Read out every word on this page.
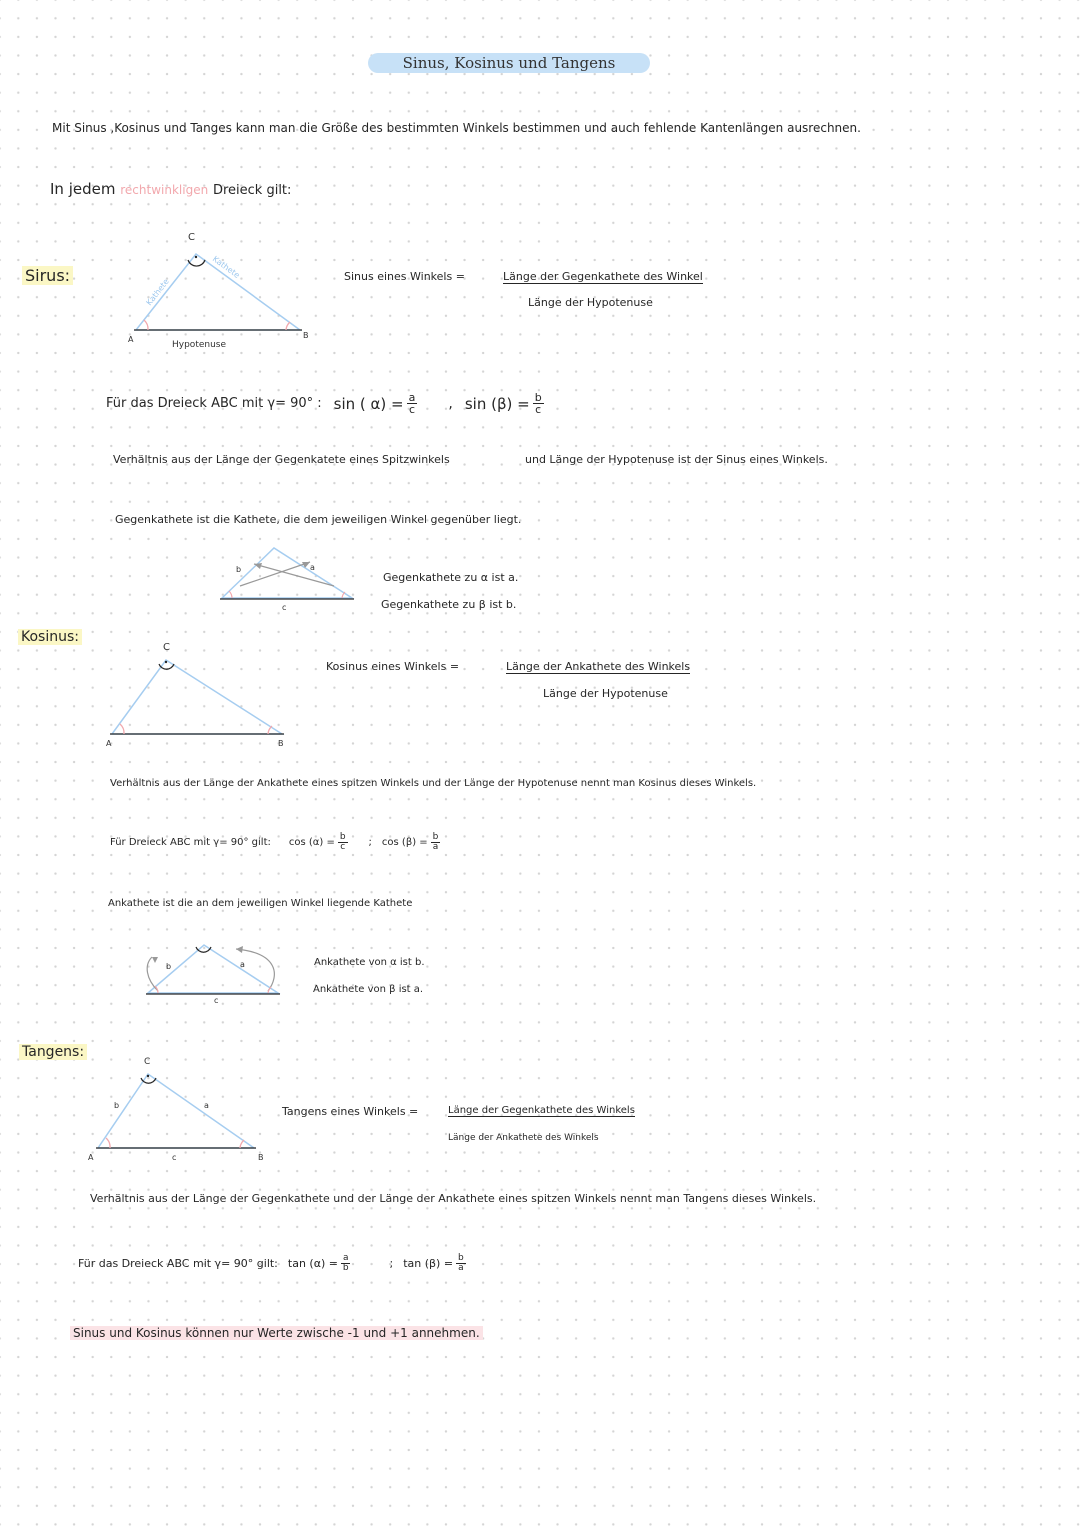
Sinus, Kosinus und Tangens
Mit Sinus ,Kosinus und Tanges kann man die Größe des bestimmten Winkels bestimmen und auch fehlende Kantenlängen ausrechnen.
In jedem rechtwinkligen Dreieck gilt:
Sirus:
C
A	B
Hypotenuse
Kathete
Kathete	Sinus eines Winkels =	Länge der Gegenkathete des Winkel
Länge der Hypotenuse
Für das Dreieck ABC mit γ= 90° : sin ( $\alpha) = \frac{a}{c}$ , $\sin (\beta) = \frac{b}{c}$
Verhältnis aus der Länge der Gegenkatete eines Spitzwinkels	und Länge der Hypotenuse ist der Sinus eines Winkels.
Gegenkathete ist die Kathete, die dem jeweiligen Winkel gegenüber liegt.
b	a
c
Gegenkathete zu α ist a.
Gegenkathete zu β ist b.
Kosinus:
C
A	B
Kosinus eines Winkels =	Länge der Ankathete des Winkels
Länge der Hypotenuse
Verhältnis aus der Länge der Ankathete eines spitzen Winkels und der Länge der Hypotenuse nennt man Kosinus dieses Winkels.
Für Dreieck ABC mit γ= 90° gilt: $\cos (\alpha) = \frac{b}{c}$ ; $\cos (\beta) = \frac{b}{a}$
Ankathete ist die an dem jeweiligen Winkel liegende Kathete
b	a
c
Ankathete von α ist b.
Ankathete von β ist a.
Tangens:
C
A	B
b	a
c
Tangens eines Winkels =	Länge der Gegenkathete des Winkels
Länge der Ankathete des Winkels
Verhältnis aus der Länge der Gegenkathete und der Länge der Ankathete eines spitzen Winkels nennt man Tangens dieses Winkels.
Für das Dreieck ABC mit γ= 90° gilt: $\tan (\alpha) = \frac{a}{b}$	; $\tan (\beta) = \frac{b}{a}$
Sinus und Kosinus können nur Werte zwische -1 und +1 annehmen.
